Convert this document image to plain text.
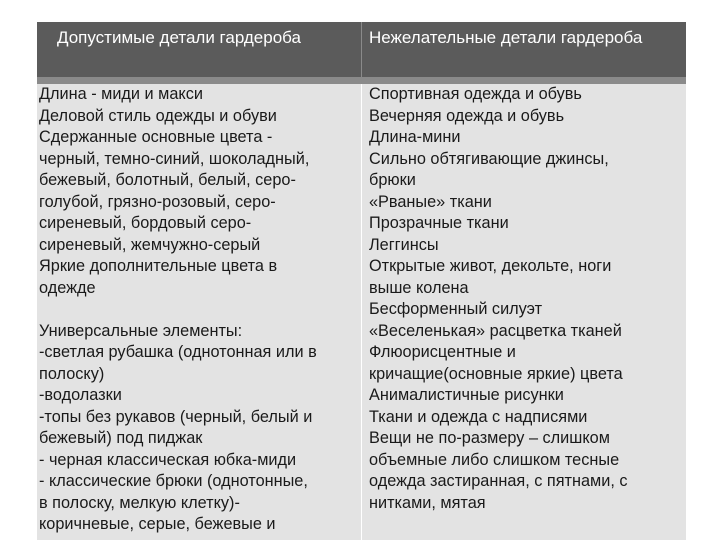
Допустимые детали гардероба	Нежелательные детали гардероба
Длина - миди и макси
Деловой стиль одежды и обуви
Сдержанные основные цвета -
черный, темно-синий, шоколадный,
бежевый, болотный, белый, серо-
голубой, грязно-розовый, серо-
сиреневый, бордовый серо-
сиреневый, жемчужно-серый
Яркие дополнительные цвета в
одежде
Универсальные элементы:
-светлая рубашка (однотонная или в
полоску)
-водолазки
-топы без рукавов (черный, белый и
бежевый) под пиджак
- черная классическая юбка-миди
- классические брюки (однотонные,
в полоску, мелкую клетку)-
коричневые, серые, бежевые и
Спортивная одежда и обувь
Вечерняя одежда и обувь
Длина-мини
Сильно обтягивающие джинсы,
брюки
«Рваные» ткани
Прозрачные ткани
Леггинсы
Открытые живот, декольте, ноги
выше колена
Бесформенный силуэт
«Веселенькая» расцветка тканей
Флюорисцентные и
кричащие(основные яркие) цвета
Анималистичные рисунки
Ткани и одежда с надписями
Вещи не по-размеру – слишком
объемные либо слишком тесные
одежда застиранная, с пятнами, с
нитками, мятая
